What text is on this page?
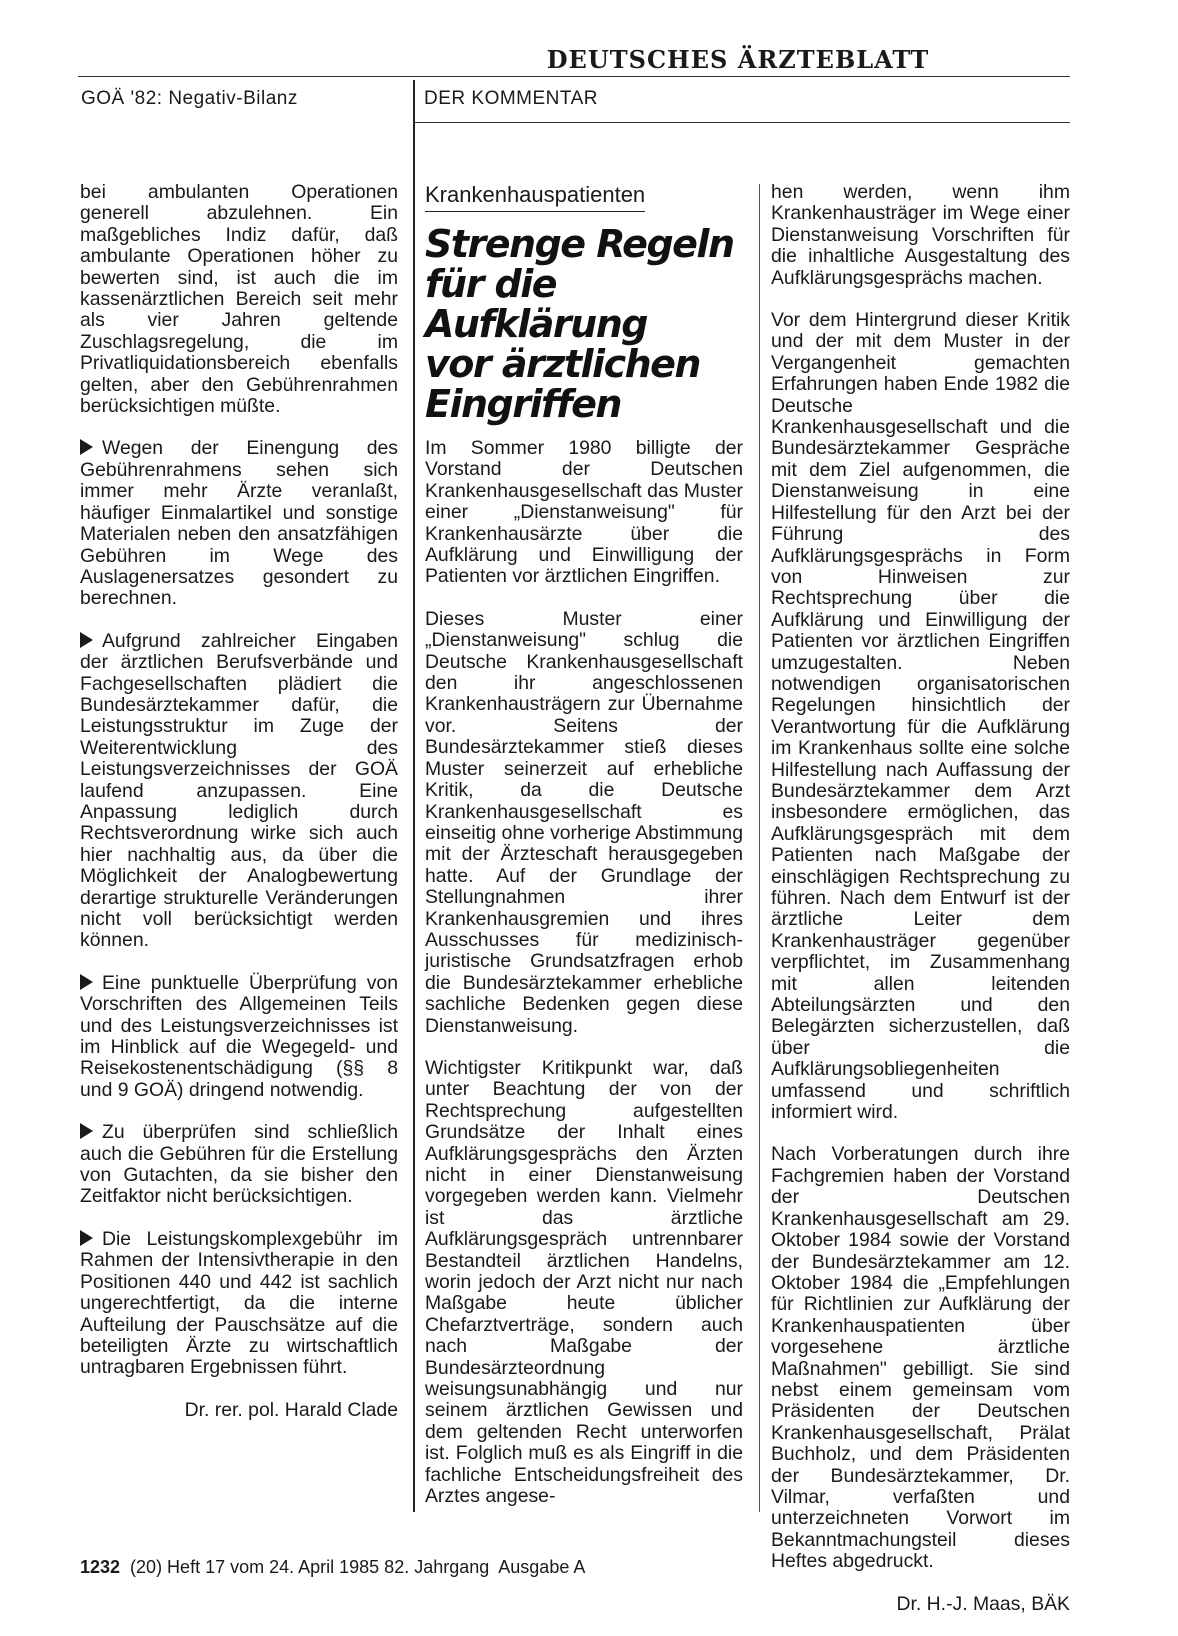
DEUTSCHES ÄRZTEBLATT
GOÄ '82: Negativ-Bilanz	DER KOMMENTAR

bei ambulanten Operationen generell abzulehnen. Ein maßgebliches Indiz dafür, daß ambulante Operationen höher zu bewerten sind, ist auch die im kassenärztlichen Bereich seit mehr als vier Jahren geltende Zuschlagsregelung, die im Privatliquidationsbereich ebenfalls gelten, aber den Gebührenrahmen berücksichtigen müßte.

Wegen der Einengung des Gebührenrahmens sehen sich immer mehr Ärzte veranlaßt, häufiger Einmalartikel und sonstige Materialen neben den ansatzfähigen Gebühren im Wege des Auslagenersatzes gesondert zu berechnen.

Aufgrund zahlreicher Eingaben der ärztlichen Berufsverbände und Fachgesellschaften plädiert die Bundesärztekammer dafür, die Leistungsstruktur im Zuge der Weiterentwicklung des Leistungsverzeichnisses der GOÄ laufend anzupassen. Eine Anpassung lediglich durch Rechtsverordnung wirke sich auch hier nachhaltig aus, da über die Möglichkeit der Analogbewertung derartige strukturelle Veränderungen nicht voll berücksichtigt werden können.

Eine punktuelle Überprüfung von Vorschriften des Allgemeinen Teils und des Leistungsverzeichnisses ist im Hinblick auf die Wegegeld- und Reisekostenentschädigung (§§ 8 und 9 GOÄ) dringend notwendig.

Zu überprüfen sind schließlich auch die Gebühren für die Erstellung von Gutachten, da sie bisher den Zeitfaktor nicht berücksichtigen.

Die Leistungskomplexgebühr im Rahmen der Intensivtherapie in den Positionen 440 und 442 ist sachlich ungerechtfertigt, da die interne Aufteilung der Pauschsätze auf die beteiligten Ärzte zu wirtschaftlich untragbaren Ergebnissen führt.

Dr. rer. pol. Harald Clade

Krankenhauspatienten
Strenge Regeln
für die
Aufklärung
vor ärztlichen
Eingriffen

Im Sommer 1980 billigte der Vorstand der Deutschen Krankenhausgesellschaft das Muster einer „Dienstanweisung" für Krankenhausärzte über die Aufklärung und Einwilligung der Patienten vor ärztlichen Eingriffen.

Dieses Muster einer „Dienstanweisung" schlug die Deutsche Krankenhausgesellschaft den ihr angeschlossenen Krankenhausträgern zur Übernahme vor. Seitens der Bundesärztekammer stieß dieses Muster seinerzeit auf erhebliche Kritik, da die Deutsche Krankenhausgesellschaft es einseitig ohne vorherige Abstimmung mit der Ärzteschaft herausgegeben hatte. Auf der Grundlage der Stellungnahmen ihrer Krankenhausgremien und ihres Ausschusses für medizinisch-juristische Grundsatzfragen erhob die Bundesärztekammer erhebliche sachliche Bedenken gegen diese Dienstanweisung.

Wichtigster Kritikpunkt war, daß unter Beachtung der von der Rechtsprechung aufgestellten Grundsätze der Inhalt eines Aufklärungsgesprächs den Ärzten nicht in einer Dienstanweisung vorgegeben werden kann. Vielmehr ist das ärztliche Aufklärungsgespräch untrennbarer Bestandteil ärztlichen Handelns, worin jedoch der Arzt nicht nur nach Maßgabe heute üblicher Chefarztverträge, sondern auch nach Maßgabe der Bundesärzteordnung weisungsunabhängig und nur seinem ärztlichen Gewissen und dem geltenden Recht unterworfen ist. Folglich muß es als Eingriff in die fachliche Entscheidungsfreiheit des Arztes angese-

hen werden, wenn ihm Krankenhausträger im Wege einer Dienstanweisung Vorschriften für die inhaltliche Ausgestaltung des Aufklärungsgesprächs machen.

Vor dem Hintergrund dieser Kritik und der mit dem Muster in der Vergangenheit gemachten Erfahrungen haben Ende 1982 die Deutsche Krankenhausgesellschaft und die Bundesärztekammer Gespräche mit dem Ziel aufgenommen, die Dienstanweisung in eine Hilfestellung für den Arzt bei der Führung des Aufklärungsgesprächs in Form von Hinweisen zur Rechtsprechung über die Aufklärung und Einwilligung der Patienten vor ärztlichen Eingriffen umzugestalten. Neben notwendigen organisatorischen Regelungen hinsichtlich der Verantwortung für die Aufklärung im Krankenhaus sollte eine solche Hilfestellung nach Auffassung der Bundesärztekammer dem Arzt insbesondere ermöglichen, das Aufklärungsgespräch mit dem Patienten nach Maßgabe der einschlägigen Rechtsprechung zu führen. Nach dem Entwurf ist der ärztliche Leiter dem Krankenhausträger gegenüber verpflichtet, im Zusammenhang mit allen leitenden Abteilungsärzten und den Belegärzten sicherzustellen, daß über die Aufklärungsobliegenheiten umfassend und schriftlich informiert wird.

Nach Vorberatungen durch ihre Fachgremien haben der Vorstand der Deutschen Krankenhausgesellschaft am 29. Oktober 1984 sowie der Vorstand der Bundesärztekammer am 12. Oktober 1984 die „Empfehlungen für Richtlinien zur Aufklärung der Krankenhauspatienten über vorgesehene ärztliche Maßnahmen" gebilligt. Sie sind nebst einem gemeinsam vom Präsidenten der Deutschen Krankenhausgesellschaft, Prälat Buchholz, und dem Präsidenten der Bundesärztekammer, Dr. Vilmar, verfaßten und unterzeichneten Vorwort im Bekanntmachungsteil dieses Heftes abgedruckt.

Dr. H.-J. Maas, BÄK

1232  (20) Heft 17 vom 24. April 1985 82. Jahrgang  Ausgabe A
